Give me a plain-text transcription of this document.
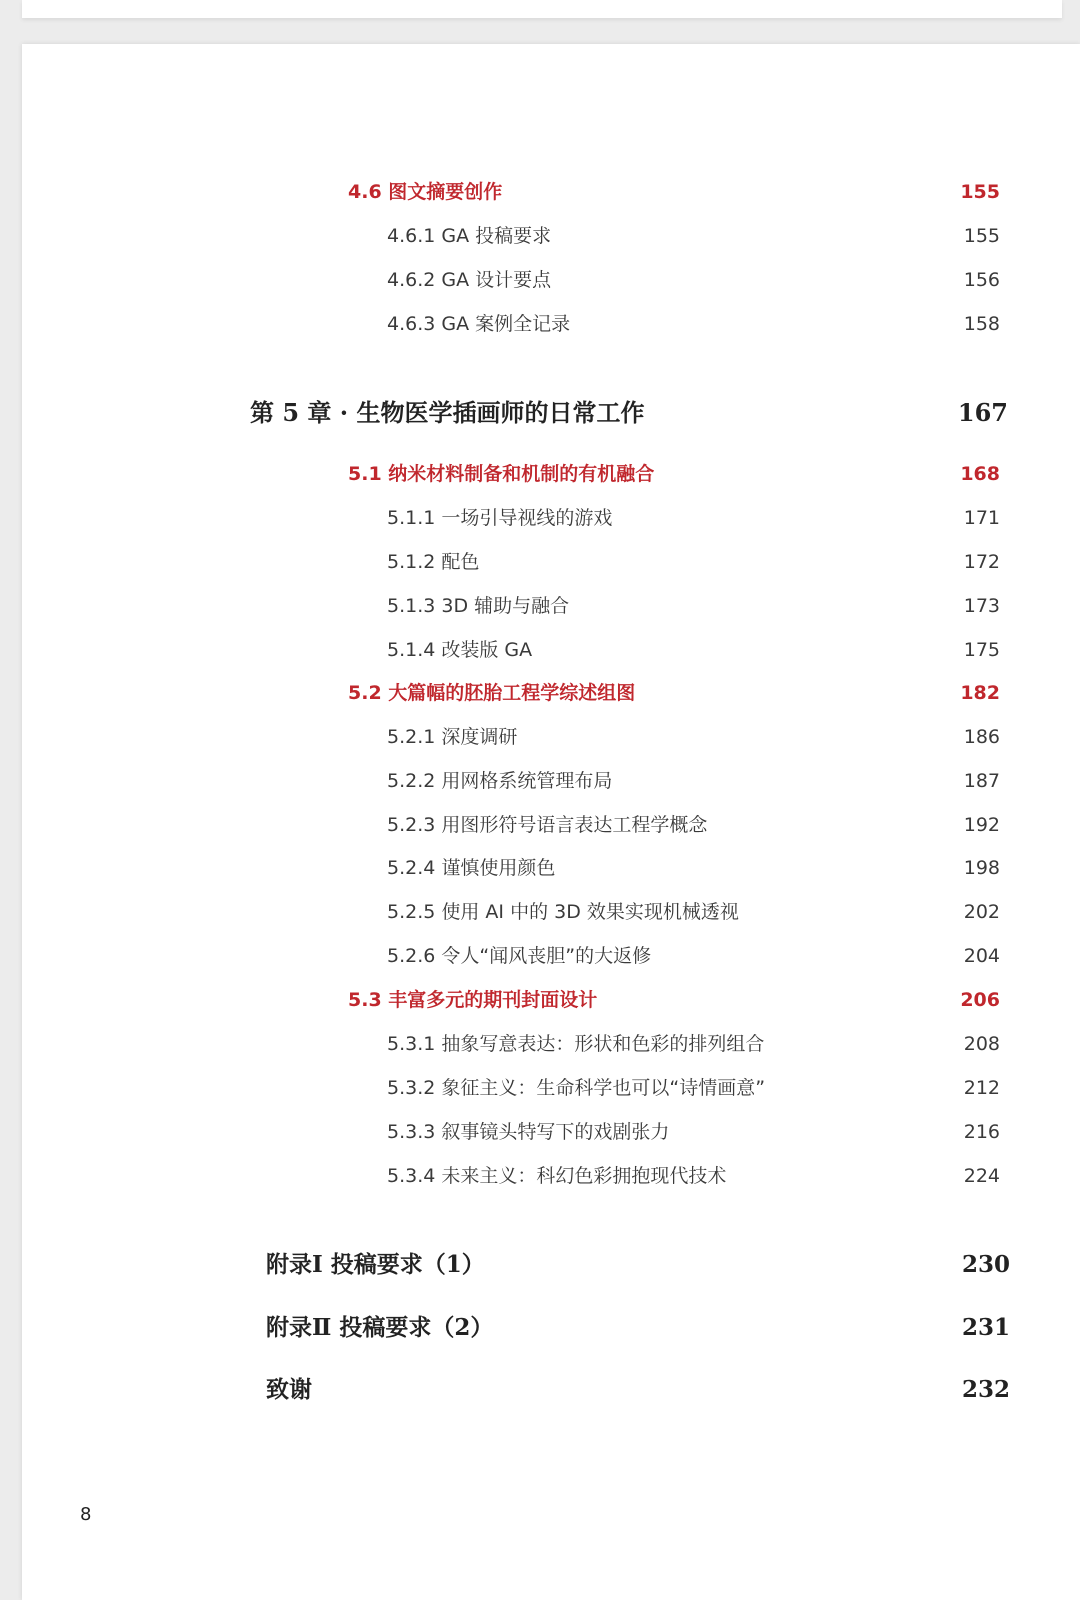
4.6 图文摘要创作	155
4.6.1 GA 投稿要求	155
4.6.2 GA 设计要点	156
4.6.3 GA 案例全记录	158
第 5 章 · 生物医学插画师的日常工作	167
5.1 纳米材料制备和机制的有机融合	168
5.1.1 一场引导视线的游戏	171
5.1.2 配色	172
5.1.3 3D 辅助与融合	173
5.1.4 改装版 GA	175
5.2 大篇幅的胚胎工程学综述组图	182
5.2.1 深度调研	186
5.2.2 用网格系统管理布局	187
5.2.3 用图形符号语言表达工程学概念	192
5.2.4 谨慎使用颜色	198
5.2.5 使用 AI 中的 3D 效果实现机械透视	202
5.2.6 令人“闻风丧胆”的大返修	204
5.3 丰富多元的期刊封面设计	206
5.3.1 抽象写意表达：形状和色彩的排列组合	208
5.3.2 象征主义：生命科学也可以“诗情画意”	212
5.3.3 叙事镜头特写下的戏剧张力	216
5.3.4 未来主义：科幻色彩拥抱现代技术	224
附录Ⅰ 投稿要求（1）	230
附录Ⅱ 投稿要求（2）	231
致谢	232
8
